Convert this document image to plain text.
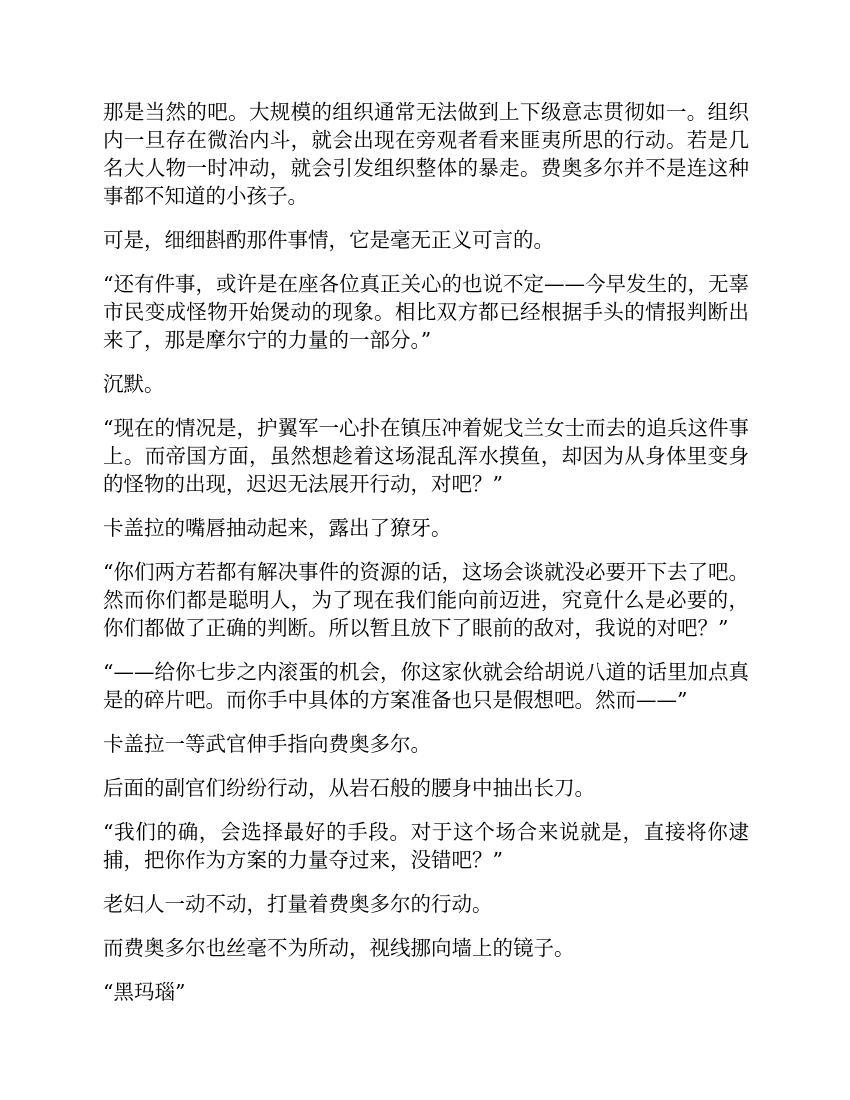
那是当然的吧。大规模的组织通常无法做到上下级意志贯彻如一。组织内一旦存在微治内斗，就会出现在旁观者看来匪夷所思的行动。若是几名大人物一时冲动，就会引发组织整体的暴走。费奥多尔并不是连这种事都不知道的小孩子。

可是，细细斟酌那件事情，它是毫无正义可言的。

“还有件事，或许是在座各位真正关心的也说不定——今早发生的，无辜市民变成怪物开始煲动的现象。相比双方都已经根据手头的情报判断出来了，那是摩尔宁的力量的一部分。”

沉默。

“现在的情况是，护翼军一心扑在镇压冲着妮戈兰女士而去的追兵这件事上。而帝国方面，虽然想趁着这场混乱浑水摸鱼，却因为从身体里变身的怪物的出现，迟迟无法展开行动，对吧？”

卡盖拉的嘴唇抽动起来，露出了獠牙。

“你们两方若都有解决事件的资源的话，这场会谈就没必要开下去了吧。然而你们都是聪明人，为了现在我们能向前迈进，究竟什么是必要的，你们都做了正确的判断。所以暂且放下了眼前的敌对，我说的对吧？”

“——给你七步之内滚蛋的机会，你这家伙就会给胡说八道的话里加点真是的碎片吧。而你手中具体的方案准备也只是假想吧。然而——”

卡盖拉一等武官伸手指向费奥多尔。

后面的副官们纷纷行动，从岩石般的腰身中抽出长刀。

“我们的确，会选择最好的手段。对于这个场合来说就是，直接将你逮捕，把你作为方案的力量夺过来，没错吧？”

老妇人一动不动，打量着费奥多尔的行动。

而费奥多尔也丝毫不为所动，视线挪向墙上的镜子。

“黑玛瑙”
